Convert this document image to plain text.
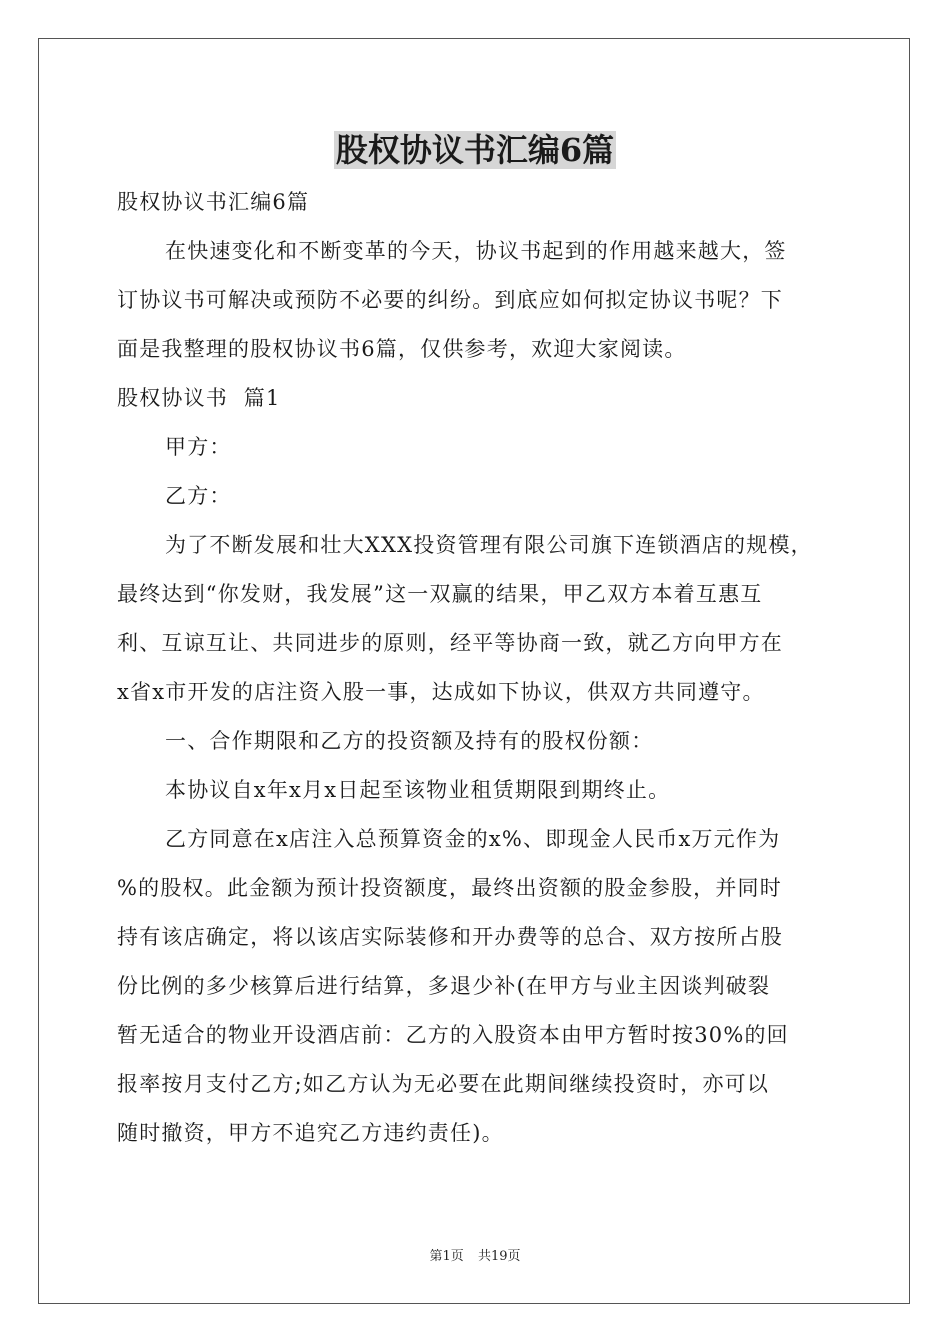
股权协议书汇编6篇

股权协议书汇编6篇

在快速变化和不断变革的今天，协议书起到的作用越来越大，签

订协议书可解决或预防不必要的纠纷。到底应如何拟定协议书呢？下

面是我整理的股权协议书6篇，仅供参考，欢迎大家阅读。

股权协议书  篇1

甲方：

乙方：

为了不断发展和壮大XXX投资管理有限公司旗下连锁酒店的规模，

最终达到“你发财，我发展”这一双赢的结果，甲乙双方本着互惠互

利、互谅互让、共同进步的原则，经平等协商一致，就乙方向甲方在

x省x市开发的店注资入股一事，达成如下协议，供双方共同遵守。

一、合作期限和乙方的投资额及持有的股权份额：

本协议自x年x月x日起至该物业租赁期限到期终止。

乙方同意在x店注入总预算资金的x%、即现金人民币x万元作为

%的股权。此金额为预计投资额度，最终出资额的股金参股，并同时

持有该店确定，将以该店实际装修和开办费等的总合、双方按所占股

份比例的多少核算后进行结算，多退少补(在甲方与业主因谈判破裂

暂无适合的物业开设酒店前：乙方的入股资本由甲方暂时按30%的回

报率按月支付乙方;如乙方认为无必要在此期间继续投资时，亦可以

随时撤资，甲方不追究乙方违约责任)。

第1页 共19页
